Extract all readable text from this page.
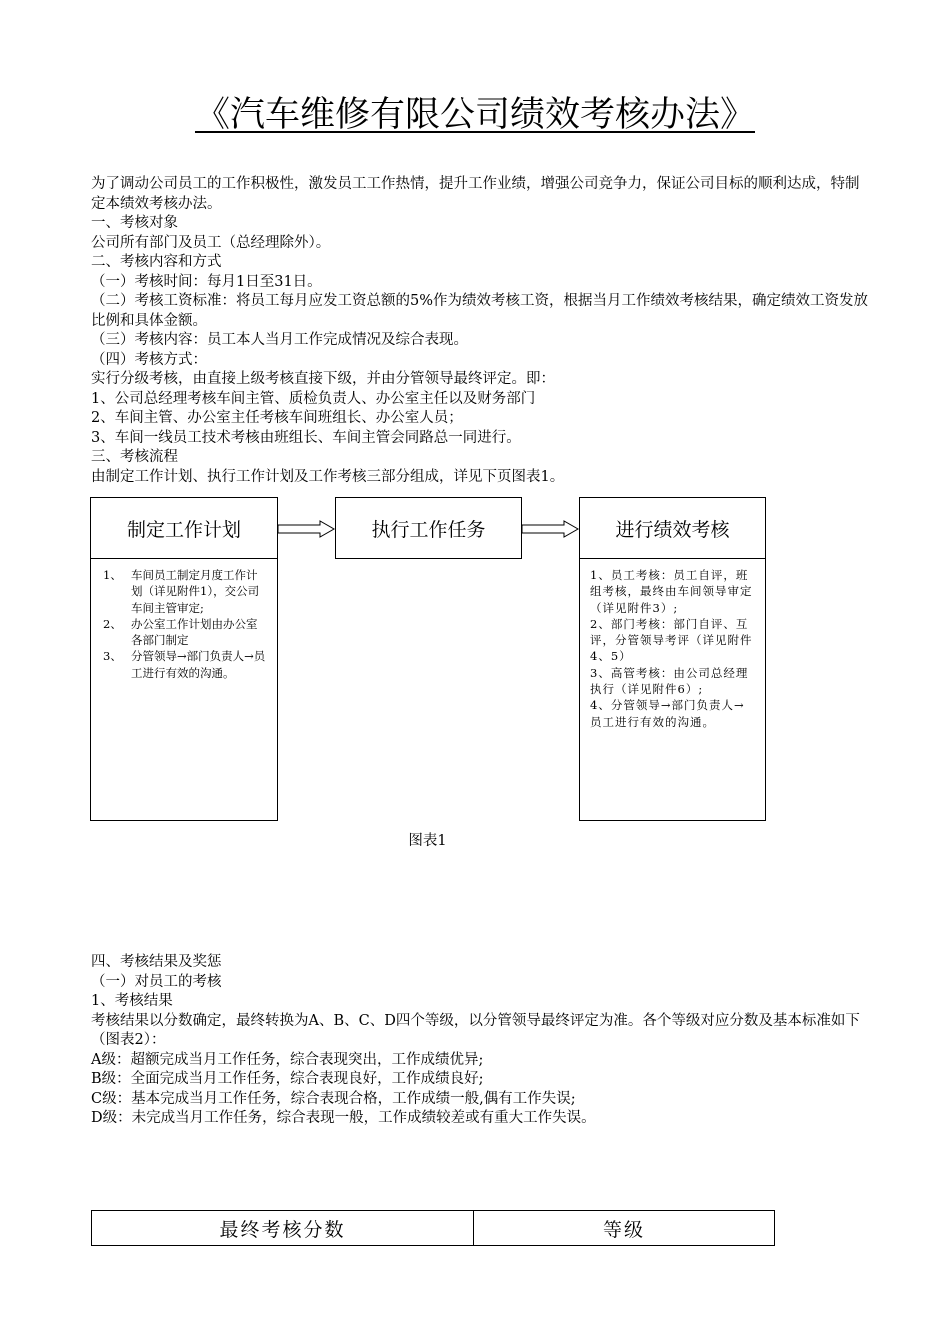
《汽车维修有限公司绩效考核办法》
为了调动公司员工的工作积极性，激发员工工作热情，提升工作业绩，增强公司竞争力，保证公司目标的顺利达成，特制定本绩效考核办法。
一、考核对象
公司所有部门及员工（总经理除外）。
二、考核内容和方式
（一）考核时间：每月1日至31日。
（二）考核工资标准：将员工每月应发工资总额的5%作为绩效考核工资，根据当月工作绩效考核结果，确定绩效工资发放比例和具体金额。
（三）考核内容：员工本人当月工作完成情况及综合表现。
（四）考核方式：
实行分级考核，由直接上级考核直接下级，并由分管领导最终评定。即：
1、公司总经理考核车间主管、质检负责人、办公室主任以及财务部门
2、车间主管、办公室主任考核车间班组长、办公室人员；
3、车间一线员工技术考核由班组长、车间主管会同路总一同进行。
三、考核流程
由制定工作计划、执行工作计划及工作考核三部分组成，详见下页图表1。
制定工作计划
1、 车间员工制定月度工作计划（详见附件1），交公司车间主管审定;
2、 办公室工作计划由办公室各部门制定
3、 分管领导→部门负责人→员工进行有效的沟通。
执行工作任务	进行绩效考核
1、员工考核：员工自评，班组考核，最终由车间领导审定（详见附件3）;
2、部门考核：部门自评、互评，分管领导考评（详见附件4、5）
3、高管考核：由公司总经理执行（详见附件6）;
4、分管领导→部门负责人→员工进行有效的沟通。
图表1
四、考核结果及奖惩
（一）对员工的考核
1、考核结果
考核结果以分数确定，最终转换为A、B、C、D四个等级，以分管领导最终评定为准。各个等级对应分数及基本标准如下（图表2）：
A级：超额完成当月工作任务，综合表现突出，工作成绩优异;
B级：全面完成当月工作任务，综合表现良好，工作成绩良好;
C级：基本完成当月工作任务，综合表现合格，工作成绩一般,偶有工作失误;
D级：未完成当月工作任务，综合表现一般，工作成绩较差或有重大工作失误。
最终考核分数	等级
